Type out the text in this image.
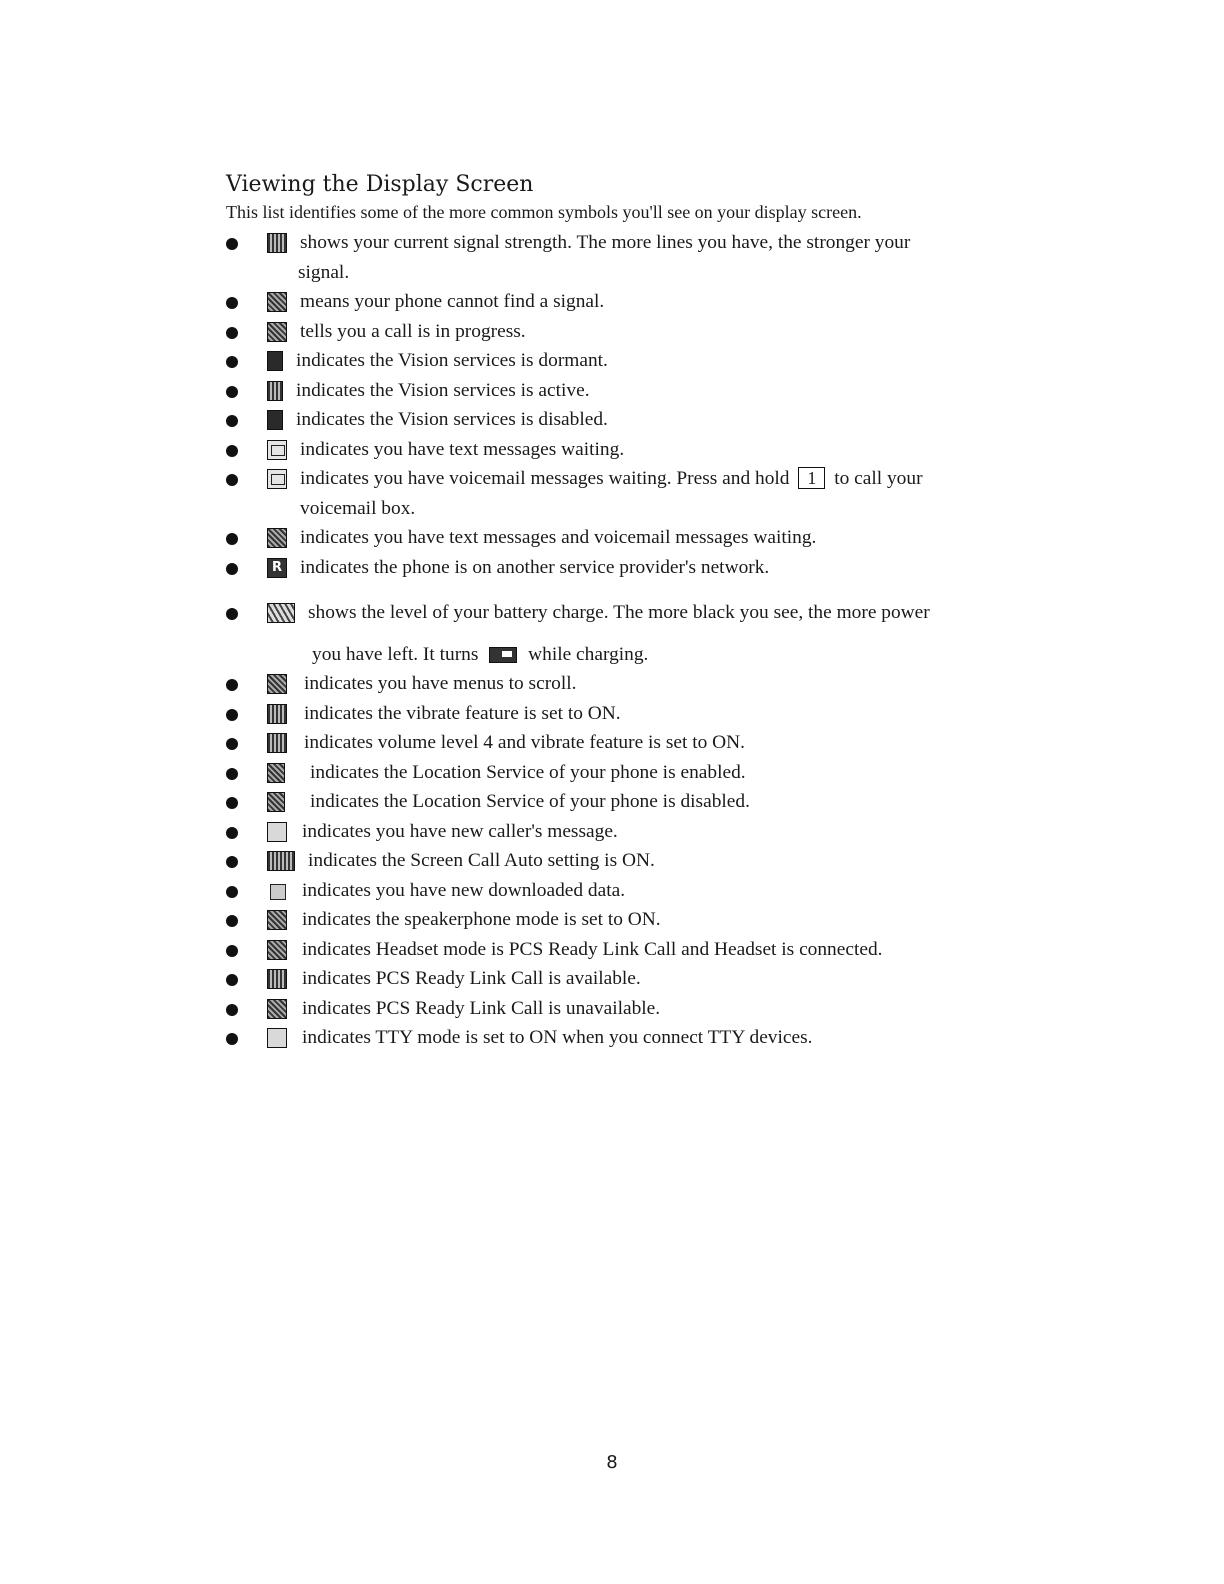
Viewing the Display Screen
This list identifies some of the more common symbols you'll see on your display screen.
shows your current signal strength. The more lines you have, the stronger your
signal.
means your phone cannot find a signal.
tells you a call is in progress.
indicates the Vision services is dormant.
indicates the Vision services is active.
indicates the Vision services is disabled.
indicates you have text messages waiting.
indicates you have voicemail messages waiting. Press and hold 1 to call your
voicemail box.
indicates you have text messages and voicemail messages waiting.
R indicates the phone is on another service provider's network.
shows the level of your battery charge. The more black you see, the more power
you have left. It turns	while charging.
indicates you have menus to scroll.
indicates the vibrate feature is set to ON.
indicates volume level 4 and vibrate feature is set to ON.
indicates the Location Service of your phone is enabled.
indicates the Location Service of your phone is disabled.
indicates you have new caller's message.
indicates the Screen Call Auto setting is ON.
indicates you have new downloaded data.
indicates the speakerphone mode is set to ON.
indicates Headset mode is PCS Ready Link Call and Headset is connected.
indicates PCS Ready Link Call is available.
indicates PCS Ready Link Call is unavailable.
indicates TTY mode is set to ON when you connect TTY devices.
8
